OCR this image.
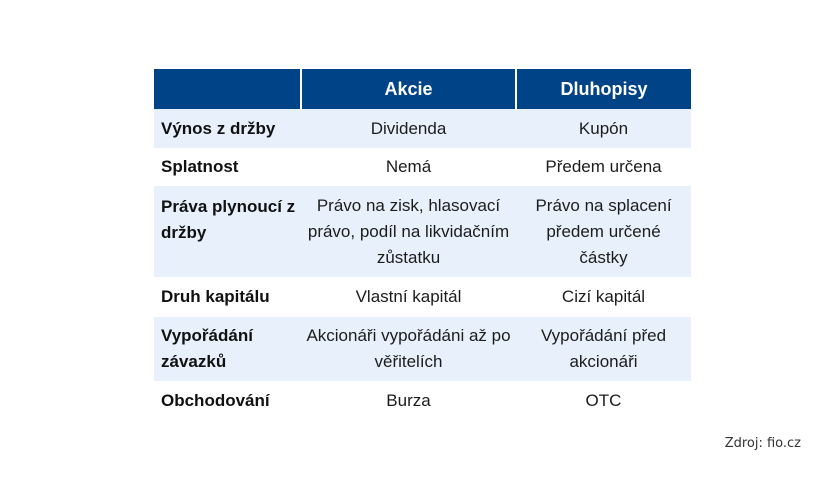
	Akcie	Dluhopisy
Výnos z držby	Dividenda	Kupón
Splatnost	Nemá	Předem určena
Práva plynoucí z držby	Právo na zisk, hlasovací právo, podíl na likvidačním zůstatku	Právo na splacení předem určené částky
Druh kapitálu	Vlastní kapitál	Cizí kapitál
Vypořádání závazků	Akcionáři vypořádáni až po věřitelích	Vypořádání před akcionáři
Obchodování	Burza	OTC
Zdroj: fio.cz
